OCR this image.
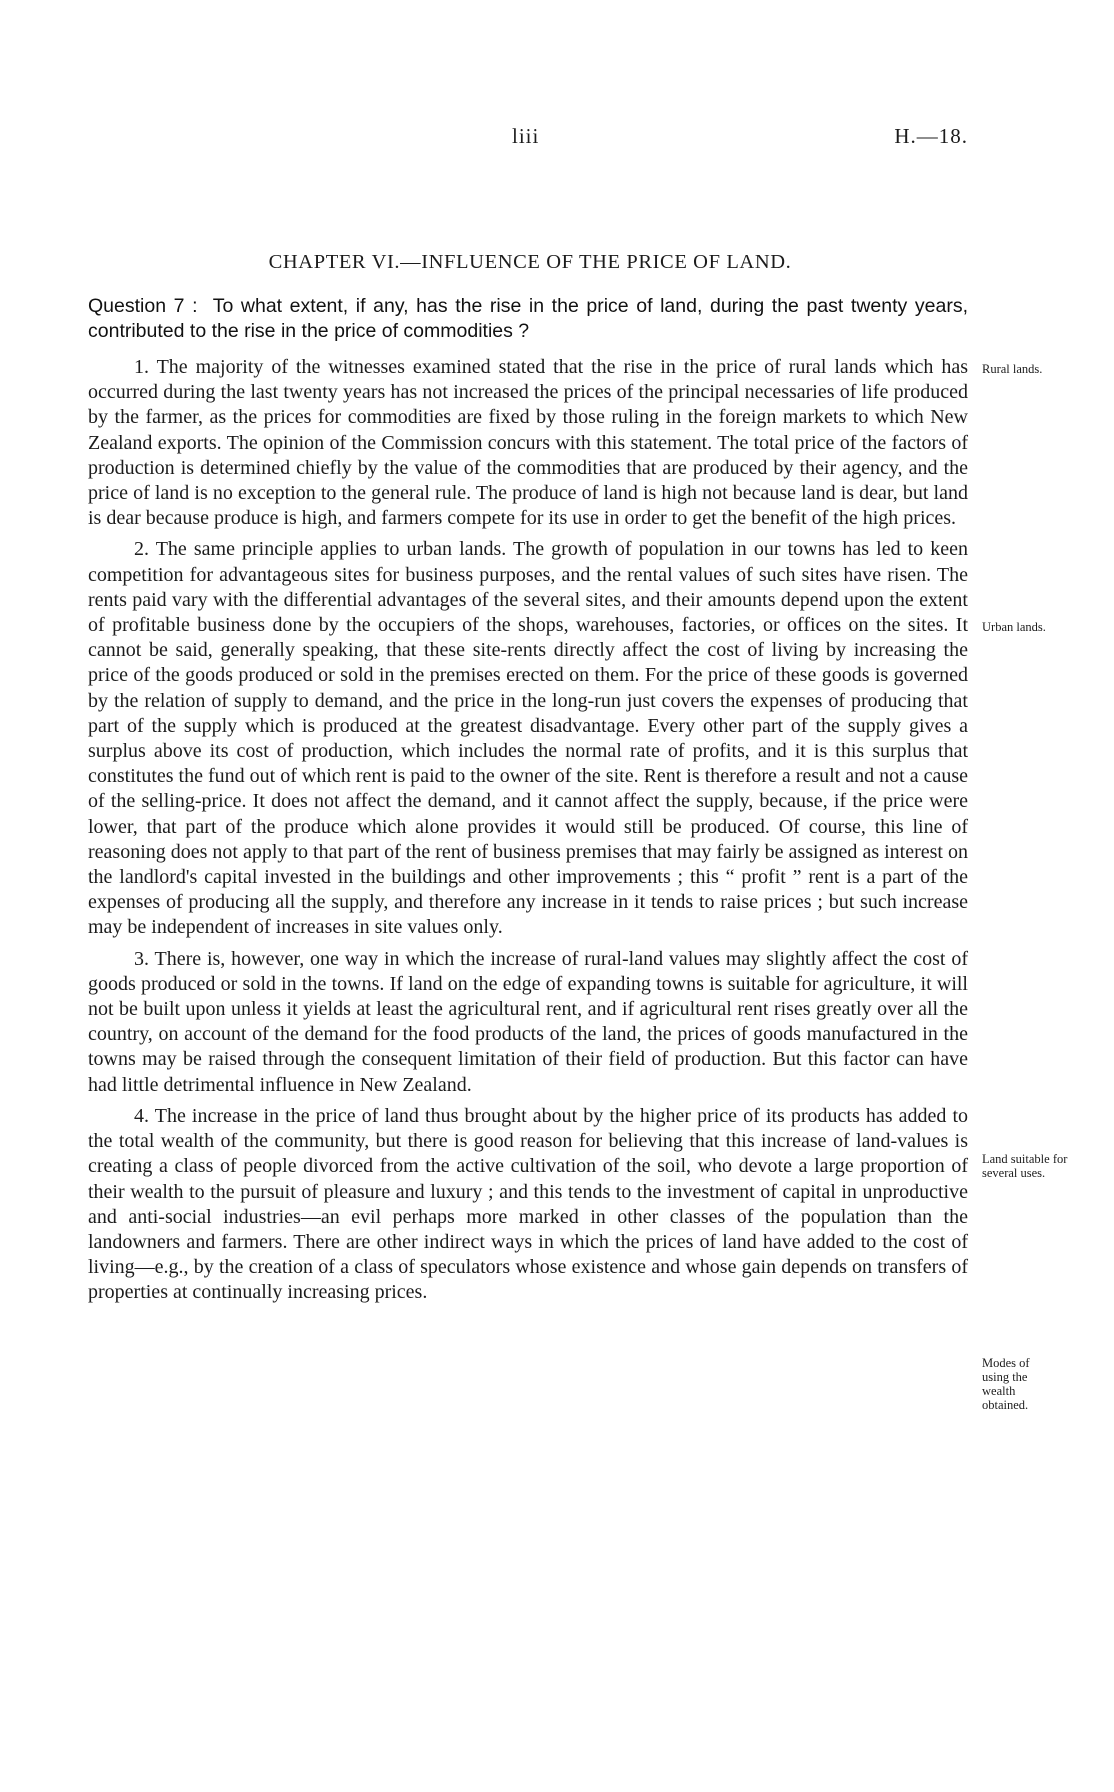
liii	H.—18.
CHAPTER VI.—INFLUENCE OF THE PRICE OF LAND.
Question 7 : To what extent, if any, has the rise in the price of land, during the past twenty years, contributed to the rise in the price of commodities ?

1. The majority of the witnesses examined stated that the rise in the price of rural lands which has occurred during the last twenty years has not increased the prices of the principal necessaries of life produced by the farmer, as the prices for commodities are fixed by those ruling in the foreign markets to which New Zealand exports. The opinion of the Commission concurs with this statement. The total price of the factors of production is determined chiefly by the value of the commodities that are produced by their agency, and the price of land is no exception to the general rule. The produce of land is high not because land is dear, but land is dear because produce is high, and farmers compete for its use in order to get the benefit of the high prices.

2. The same principle applies to urban lands. The growth of population in our towns has led to keen competition for advantageous sites for business purposes, and the rental values of such sites have risen. The rents paid vary with the differential advantages of the several sites, and their amounts depend upon the extent of profitable business done by the occupiers of the shops, warehouses, factories, or offices on the sites. It cannot be said, generally speaking, that these site-rents directly affect the cost of living by increasing the price of the goods produced or sold in the premises erected on them. For the price of these goods is governed by the relation of supply to demand, and the price in the long-run just covers the expenses of producing that part of the supply which is produced at the greatest disadvantage. Every other part of the supply gives a surplus above its cost of production, which includes the normal rate of profits, and it is this surplus that constitutes the fund out of which rent is paid to the owner of the site. Rent is therefore a result and not a cause of the selling-price. It does not affect the demand, and it cannot affect the supply, because, if the price were lower, that part of the produce which alone provides it would still be produced. Of course, this line of reasoning does not apply to that part of the rent of business premises that may fairly be assigned as interest on the landlord's capital invested in the buildings and other improvements ; this “ profit ” rent is a part of the expenses of producing all the supply, and therefore any increase in it tends to raise prices ; but such increase may be independent of increases in site values only.

3. There is, however, one way in which the increase of rural-land values may slightly affect the cost of goods produced or sold in the towns. If land on the edge of expanding towns is suitable for agriculture, it will not be built upon unless it yields at least the agricultural rent, and if agricultural rent rises greatly over all the country, on account of the demand for the food products of the land, the prices of goods manufactured in the towns may be raised through the consequent limitation of their field of production. But this factor can have had little detrimental influence in New Zealand.

4. The increase in the price of land thus brought about by the higher price of its products has added to the total wealth of the community, but there is good reason for believing that this increase of land-values is creating a class of people divorced from the active cultivation of the soil, who devote a large proportion of their wealth to the pursuit of pleasure and luxury ; and this tends to the investment of capital in unproductive and anti-social industries—an evil perhaps more marked in other classes of the population than the landowners and farmers. There are other indirect ways in which the prices of land have added to the cost of living—e.g., by the creation of a class of speculators whose existence and whose gain depends on transfers of properties at continually increasing prices.

Rural lands.
Urban lands.
Land suitable for several uses.
Modes of using the wealth obtained.
